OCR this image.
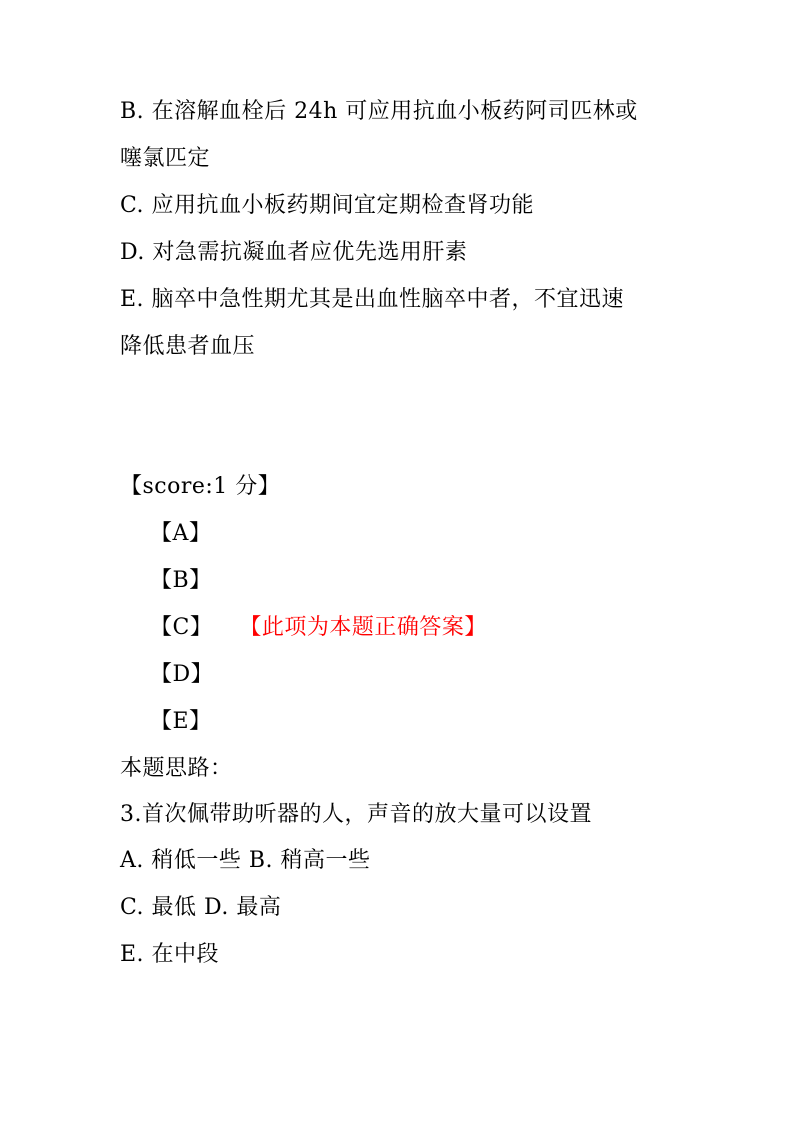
B. 在溶解血栓后 24h 可应用抗血小板药阿司匹林或
噻氯匹定
C. 应用抗血小板药期间宜定期检查肾功能
D. 对急需抗凝血者应优先选用肝素
E. 脑卒中急性期尤其是出血性脑卒中者，不宜迅速
降低患者血压
【score:1 分】
【A】
【B】
【C】 【此项为本题正确答案】
【D】
【E】
本题思路：
3.首次佩带助听器的人，声音的放大量可以设置
A. 稍低一些 B. 稍高一些
C. 最低 D. 最高
E. 在中段
